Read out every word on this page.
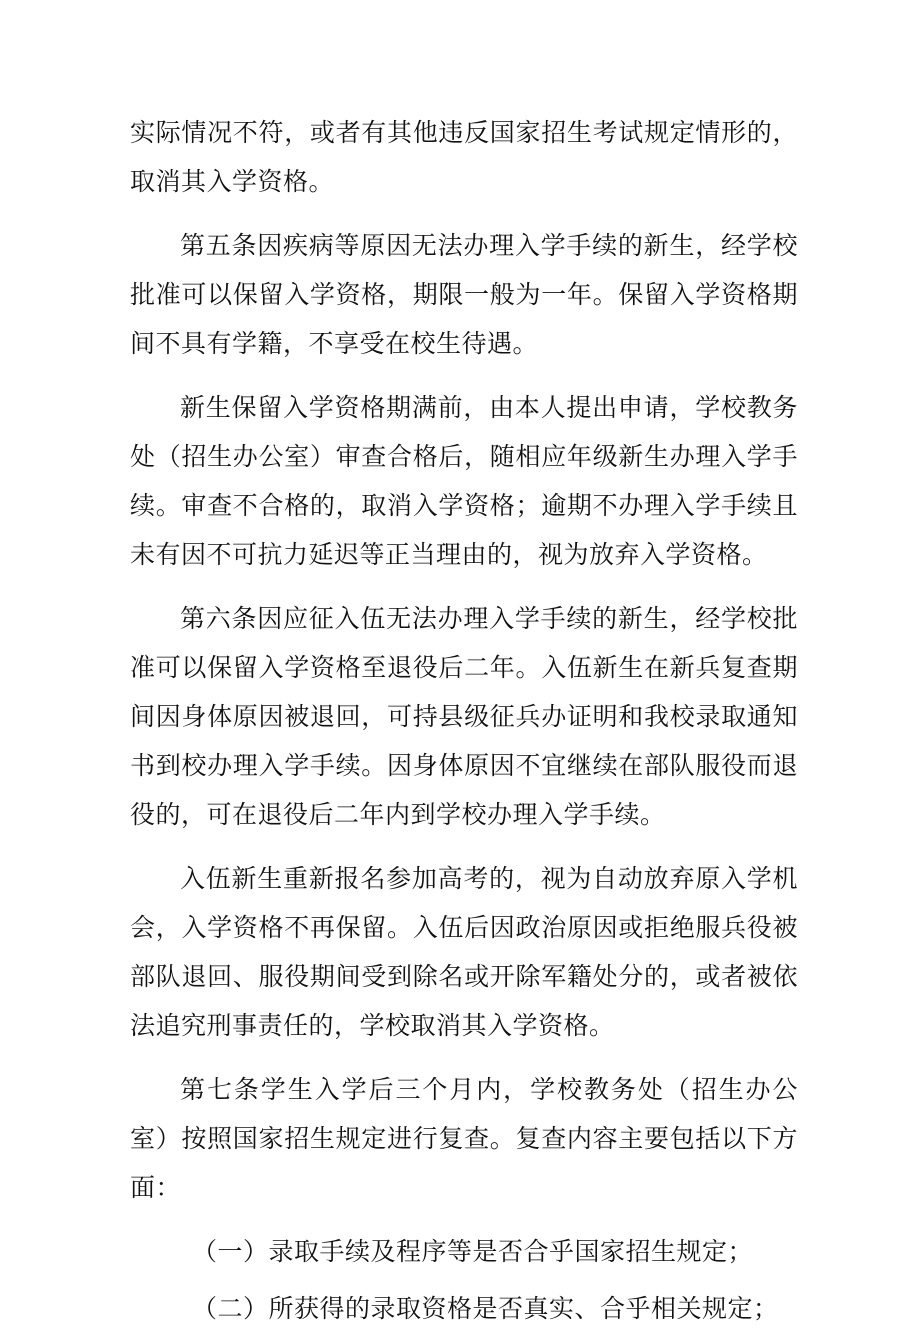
实际情况不符，或者有其他违反国家招生考试规定情形的，取消其入学资格。

第五条因疾病等原因无法办理入学手续的新生，经学校批准可以保留入学资格，期限一般为一年。保留入学资格期间不具有学籍，不享受在校生待遇。

新生保留入学资格期满前，由本人提出申请，学校教务处（招生办公室）审查合格后，随相应年级新生办理入学手续。审查不合格的，取消入学资格；逾期不办理入学手续且未有因不可抗力延迟等正当理由的，视为放弃入学资格。

第六条因应征入伍无法办理入学手续的新生，经学校批准可以保留入学资格至退役后二年。入伍新生在新兵复查期间因身体原因被退回，可持县级征兵办证明和我校录取通知书到校办理入学手续。因身体原因不宜继续在部队服役而退役的，可在退役后二年内到学校办理入学手续。

入伍新生重新报名参加高考的，视为自动放弃原入学机会，入学资格不再保留。入伍后因政治原因或拒绝服兵役被部队退回、服役期间受到除名或开除军籍处分的，或者被依法追究刑事责任的，学校取消其入学资格。

第七条学生入学后三个月内，学校教务处（招生办公室）按照国家招生规定进行复查。复查内容主要包括以下方面：

（一）录取手续及程序等是否合乎国家招生规定；

（二）所获得的录取资格是否真实、合乎相关规定；
